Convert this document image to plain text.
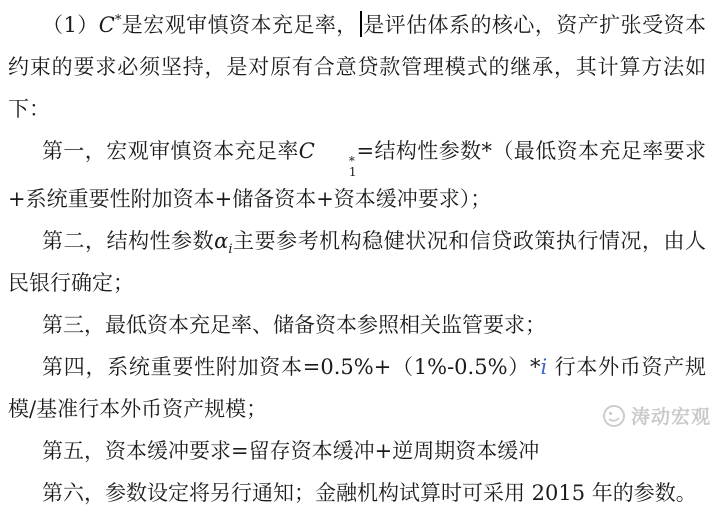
（1）C*是宏观审慎资本充足率， 是评估体系的核心，资产扩张受资本约束的要求必须坚持，是对原有合意贷款管理模式的继承，其计算方法如下：

第一，宏观审慎资本充足率C	*
1
=结构性参数*（最低资本充足率要求+系统重要性附加资本+储备资本+资本缓冲要求）；

第二，结构性参数$\alpha_i$主要参考机构稳健状况和信贷政策执行情况，由人民银行确定；

第三，最低资本充足率、储备资本参照相关监管要求；

第四，系统重要性附加资本=0.5%+（1%-0.5%）*i 行本外币资产规模/基准行本外币资产规模；

第五，资本缓冲要求=留存资本缓冲+逆周期资本缓冲

第六，参数设定将另行通知；金融机构试算时可采用 2015 年的参数。

涛动宏观
